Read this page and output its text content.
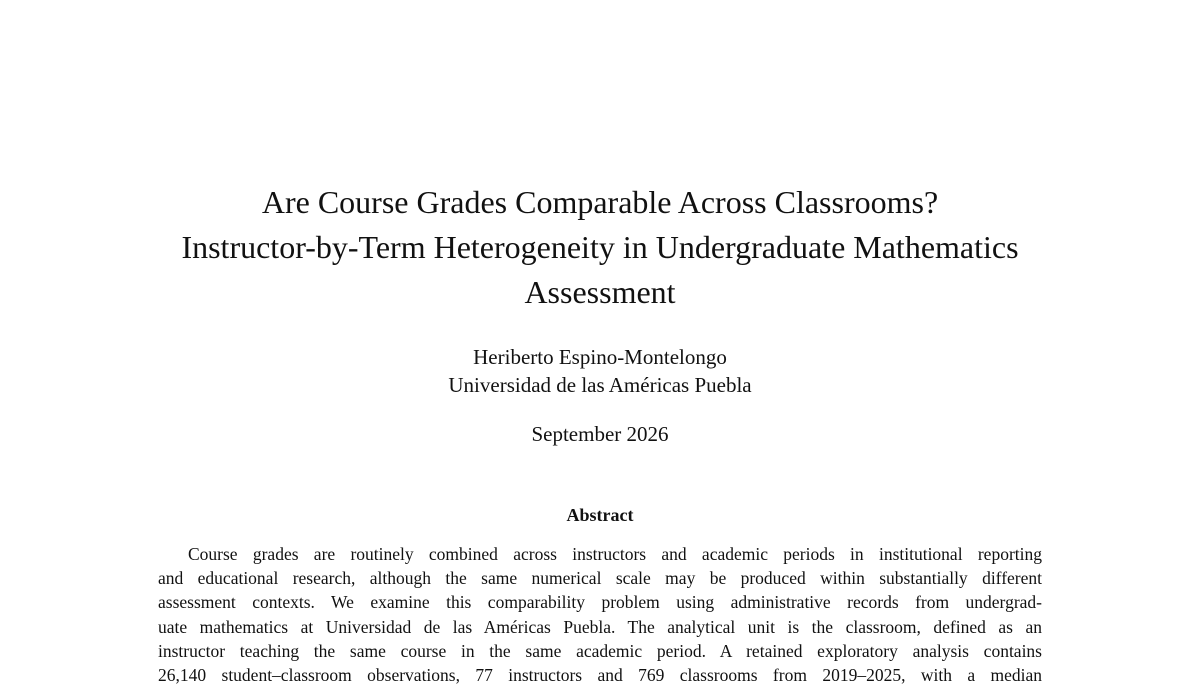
Are Course Grades Comparable Across Classrooms?
Instructor-by-Term Heterogeneity in Undergraduate Mathematics
Assessment
Heriberto Espino-Montelongo
Universidad de las Américas Puebla
September 2026
Abstract
Course grades are routinely combined across instructors and academic periods in institutional reporting
and educational research, although the same numerical scale may be produced within substantially different
assessment contexts. We examine this comparability problem using administrative records from undergrad-
uate mathematics at Universidad de las Américas Puebla. The analytical unit is the classroom, defined as an
instructor teaching the same course in the same academic period. A retained exploratory analysis contains
26,140 student–classroom observations, 77 instructors and 769 classrooms from 2019–2025, with a median
